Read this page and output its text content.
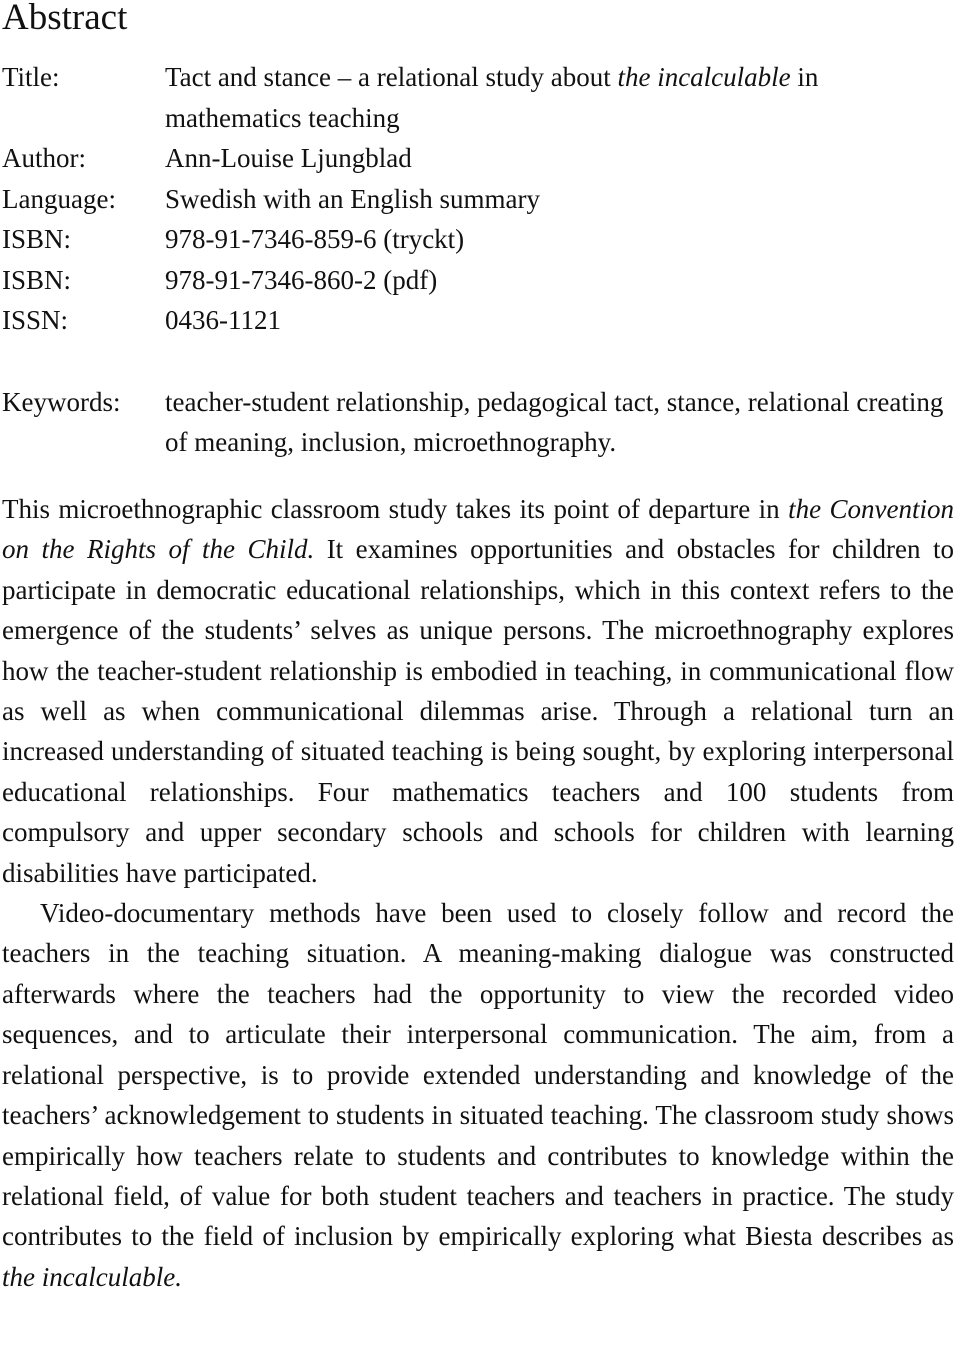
Abstract
Title:	Tact and stance – a relational study about the incalculable in mathematics teaching
Author:	Ann-Louise Ljungblad
Language: Swedish with an English summary
ISBN:	978-91-7346-859-6 (tryckt)
ISBN:	978-91-7346-860-2 (pdf)
ISSN:	0436-1121
Keywords: teacher-student relationship, pedagogical tact, stance, relational creating of meaning, inclusion, microethnography.

This microethnographic classroom study takes its point of departure in the Convention on the Rights of the Child. It examines opportunities and obstacles for children to participate in democratic educational relationships, which in this context refers to the emergence of the students’ selves as unique persons. The microethnography explores how the teacher-student relationship is embodied in teaching, in communicational flow as well as when communicational dilemmas arise. Through a relational turn an increased understanding of situated teaching is being sought, by exploring interpersonal educational relationships. Four mathematics teachers and 100 students from compulsory and upper secondary schools and schools for children with learning disabilities have participated.

Video-documentary methods have been used to closely follow and record the teachers in the teaching situation. A meaning-making dialogue was constructed afterwards where the teachers had the opportunity to view the recorded video sequences, and to articulate their interpersonal communication. The aim, from a relational perspective, is to provide extended understanding and knowledge of the teachers’ acknowledgement to students in situated teaching. The classroom study shows empirically how teachers relate to students and contributes to knowledge within the relational field, of value for both student teachers and teachers in practice. The study contributes to the field of inclusion by empirically exploring what Biesta describes as the incalculable.
